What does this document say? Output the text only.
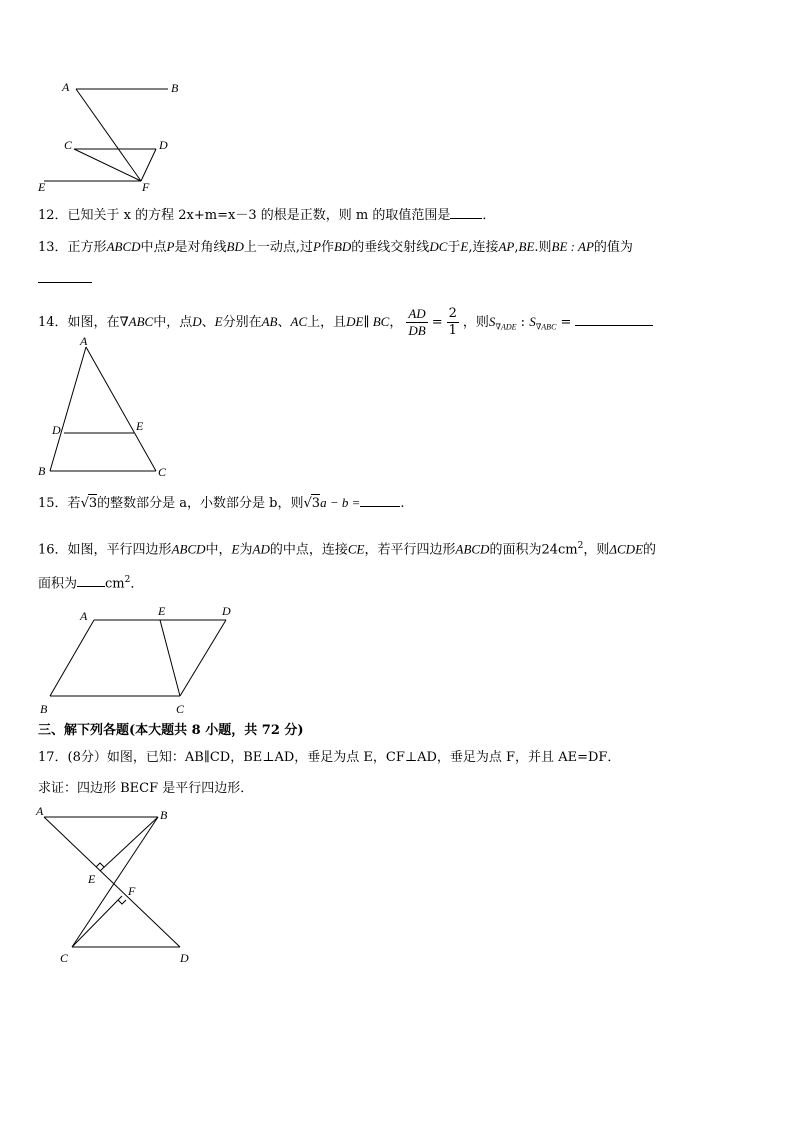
A	B
C	D
E	F
12．已知关于 x 的方程 2x+m=x－3 的根是正数，则 m 的取值范围是 ．
13．正方形ABCD中点P是对角线BD上一动点,过P作BD的垂线交射线DC于E,连接AP,BE.则BE : AP的值为
14．如图，在∇ABC中，点D、E分别在AB、AC上，且DE∥ BC， $\frac{AD}{DB} = \frac{2}{1}$ ，则$S_{\nabla ADE}$ : $S_{\nabla ABC}$ =
A
B	C
D	E
15．若√3的整数部分是 a，小数部分是 b，则√3a − b =	.
16．如图，平行四边形ABCD中，E为AD的中点，连接CE，若平行四边形ABCD的面积为$24cm^2$，则ΔCDE的
面积为 $cm^2$．
A	E	D
B	C
三、解下列各题(本大题共 8 小题，共 72 分)
17．(8分）如图，已知：AB∥CD，BE⊥AD，垂足为点 E，CF⊥AD，垂足为点 F，并且 AE=DF．
求证：四边形 BECF 是平行四边形．
A	B
E
F
C	D
